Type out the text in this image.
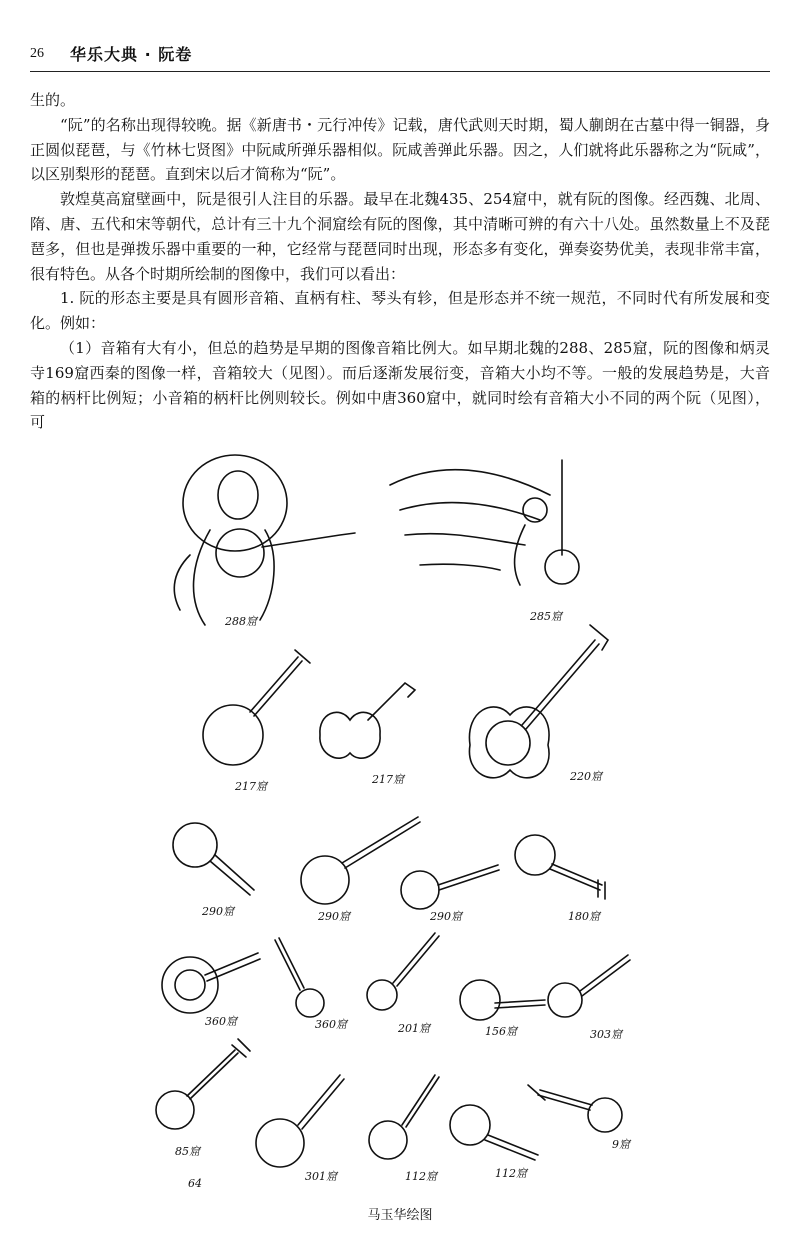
26 华乐大典 · 阮卷

生的。

“阮”的名称出现得较晚。据《新唐书・元行冲传》记载，唐代武则天时期，蜀人蒯朗在古墓中得一铜器，身正圆似琵琶，与《竹林七贤图》中阮咸所弹乐器相似。阮咸善弹此乐器。因之，人们就将此乐器称之为“阮咸”，以区别梨形的琵琶。直到宋以后才简称为“阮”。

敦煌莫高窟壁画中，阮是很引人注目的乐器。最早在北魏435、254窟中，就有阮的图像。经西魏、北周、隋、唐、五代和宋等朝代，总计有三十九个洞窟绘有阮的图像，其中清晰可辨的有六十八处。虽然数量上不及琵琶多，但也是弹拨乐器中重要的一种，它经常与琵琶同时出现，形态多有变化，弹奏姿势优美，表现非常丰富，很有特色。从各个时期所绘制的图像中，我们可以看出：

1. 阮的形态主要是具有圆形音箱、直柄有柱、琴头有轸，但是形态并不统一规范，不同时代有所发展和变化。例如：

（1）音箱有大有小，但总的趋势是早期的图像音箱比例大。如早期北魏的288、285窟，阮的图像和炳灵寺169窟西秦的图像一样，音箱较大（见图）。而后逐渐发展衍变，音箱大小均不等。一般的发展趋势是，大音箱的柄杆比例短；小音箱的柄杆比例则较长。例如中唐360窟中，就同时绘有音箱大小不同的两个阮（见图），可

288窟	285窟
217窟
217窟	220窟
290窟	290窟	290窟	180窟
360窟	360窟	201窟	156窟	303窟
85窟
301窟	112窟	112窟
9窟
64
马玉华绘图
